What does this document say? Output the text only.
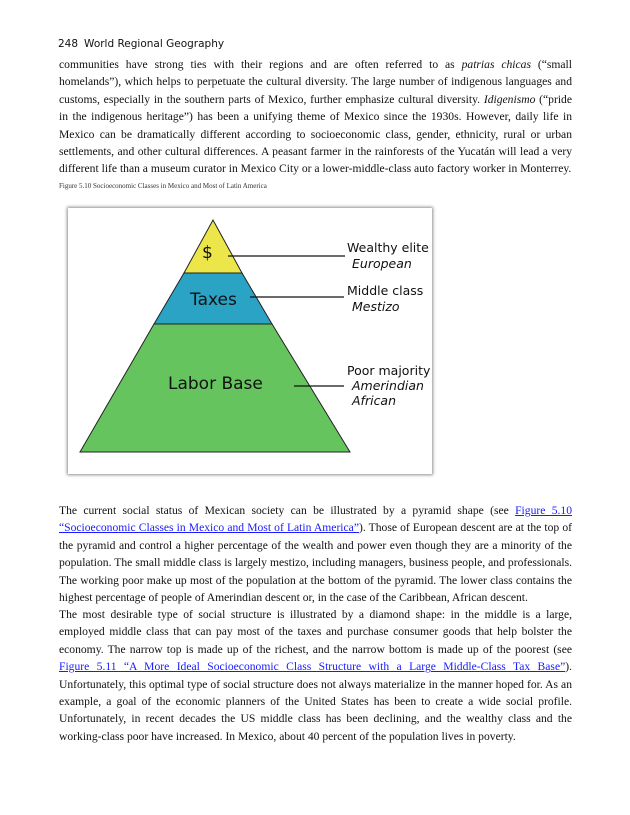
248 World Regional Geography

communities have strong ties with their regions and are often referred to as patrias chicas (“small homelands”), which helps to perpetuate the cultural diversity. The large number of indigenous languages and customs, especially in the southern parts of Mexico, further emphasize cultural diversity. Idigenismo (“pride in the indigenous heritage”) has been a unifying theme of Mexico since the 1930s. However, daily life in Mexico can be dramatically different according to socioeconomic class, gender, ethnicity, rural or urban settlements, and other cultural differences. A peasant farmer in the rainforests of the Yucatán will lead a very different life than a museum curator in Mexico City or a lower-middle-class auto factory worker in Monterrey.

Figure 5.10 Socioeconomic Classes in Mexico and Most of Latin America
$
Taxes
Labor Base
Wealthy elite
European
Middle class
Mestizo
Poor majority
Amerindian
African

The current social status of Mexican society can be illustrated by a pyramid shape (see Figure 5.10 “Socioeconomic Classes in Mexico and Most of Latin America”). Those of European descent are at the top of the pyramid and control a higher percentage of the wealth and power even though they are a minority of the population. The small middle class is largely mestizo, including managers, business people, and professionals. The working poor make up most of the population at the bottom of the pyramid. The lower class contains the highest percentage of people of Amerindian descent or, in the case of the Caribbean, African descent.

The most desirable type of social structure is illustrated by a diamond shape: in the middle is a large, employed middle class that can pay most of the taxes and purchase consumer goods that help bolster the economy. The narrow top is made up of the richest, and the narrow bottom is made up of the poorest (see Figure 5.11 “A More Ideal Socioeconomic Class Structure with a Large Middle-Class Tax Base”). Unfortunately, this optimal type of social structure does not always materialize in the manner hoped for. As an example, a goal of the economic planners of the United States has been to create a wide social profile. Unfortunately, in recent decades the US middle class has been declining, and the wealthy class and the working-class poor have increased. In Mexico, about 40 percent of the population lives in poverty.
